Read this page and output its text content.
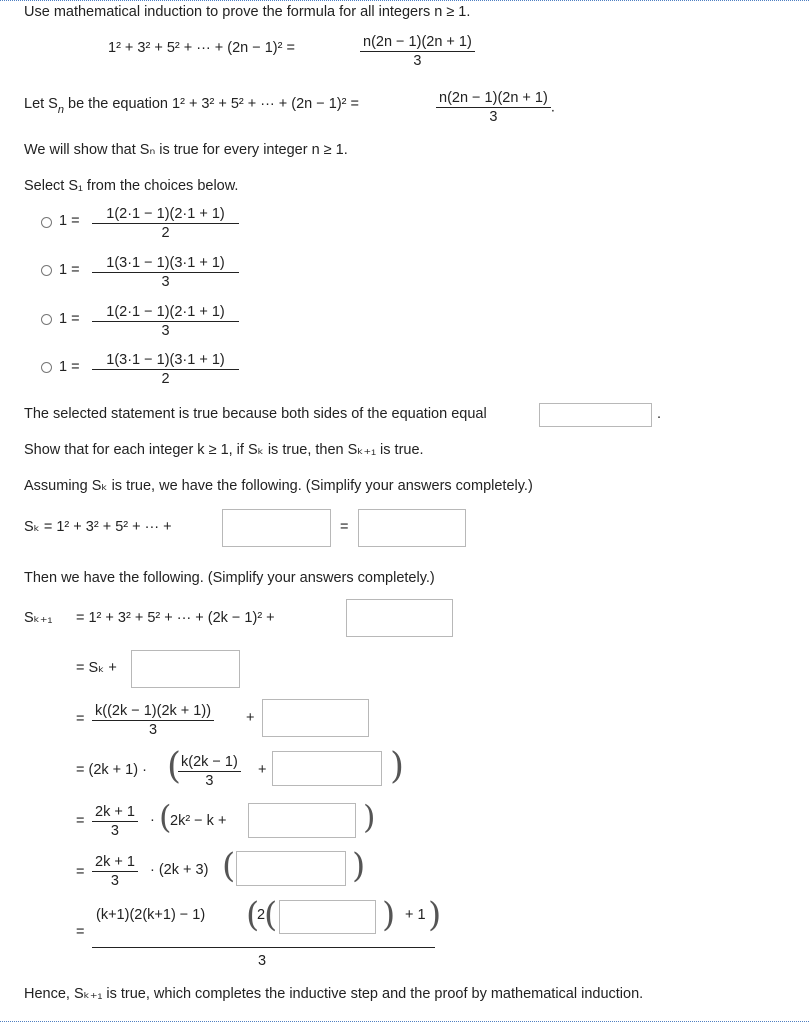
Use mathematical induction to prove the formula for all integers n ≥ 1.
1² + 3² + 5² + ··· + (2n − 1)² =	$\frac{n(2n - 1)(2n + 1)}{3}$
Let $S_n$ be the equation 1² + 3² + 5² + ··· + (2n − 1)² =	$\frac{n(2n - 1)(2n + 1)}{3}$ .
We will show that Sₙ is true for every integer n ≥ 1.
Select S₁ from the choices below.
$1 = \frac{1(2\cdot 1 - 1)(2\cdot 1 + 1)}{2}$
$1 = \frac{1(3\cdot 1 - 1)(3\cdot 1 + 1)}{3}$
$1 = \frac{1(2\cdot 1 - 1)(2\cdot 1 + 1)}{3}$
$1 = \frac{1(3\cdot 1 - 1)(3\cdot 1 + 1)}{2}$
The selected statement is true because both sides of the equation equal	.
Show that for each integer k ≥ 1, if Sₖ is true, then Sₖ₊₁ is true.
Assuming Sₖ is true, we have the following. (Simplify your answers completely.)
Sₖ = 1² + 3² + 5² + ··· +	=
Then we have the following. (Simplify your answers completely.)
Sₖ₊₁ = 1² + 3² + 5² + ··· + (2k − 1)² +
= Sₖ +
= $\frac{k((2k - 1)(2k + 1))}{3}$ +
= (2k + 1) · (
$\frac{k(2k - 1)}{3}$ +	)
= $\frac{2k + 1}{3}$ · (
2k² − k +	)
= $\frac{2k + 1}{3} \cdot (2k + 3)$ (	)
=
(k+1)(2(k+1) − 1) (
2
(	) + 1 )
3
Hence, Sₖ₊₁ is true, which completes the inductive step and the proof by mathematical induction.
